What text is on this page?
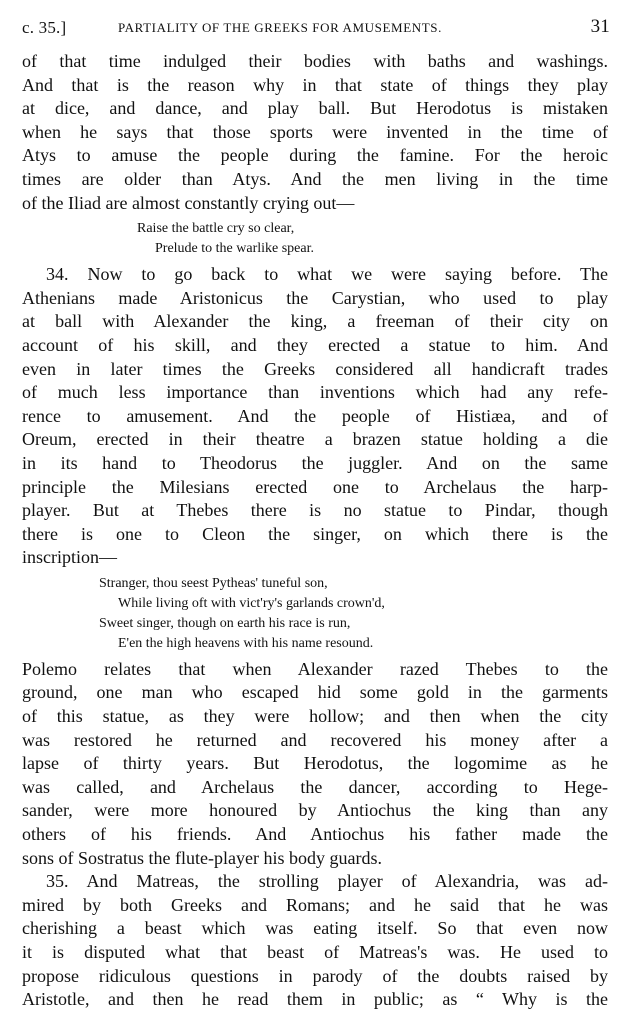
c. 35.]	PARTIALITY OF THE GREEKS FOR AMUSEMENTS.	31
of that time indulged their bodies with baths and washings.
And that is the reason why in that state of things they play
at dice, and dance, and play ball. But Herodotus is mistaken
when he says that those sports were invented in the time of
Atys to amuse the people during the famine. For the heroic
times are older than Atys. And the men living in the time
of the Iliad are almost constantly crying out—
Raise the battle cry so clear,
Prelude to the warlike spear.
34. Now to go back to what we were saying before. The
Athenians made Aristonicus the Carystian, who used to play
at ball with Alexander the king, a freeman of their city on
account of his skill, and they erected a statue to him. And
even in later times the Greeks considered all handicraft trades
of much less importance than inventions which had any refe-
rence to amusement. And the people of Histiæa, and of
Oreum, erected in their theatre a brazen statue holding a die
in its hand to Theodorus the juggler. And on the same
principle the Milesians erected one to Archelaus the harp-
player. But at Thebes there is no statue to Pindar, though
there is one to Cleon the singer, on which there is the
inscription—
Stranger, thou seest Pytheas' tuneful son,
While living oft with vict'ry's garlands crown'd,
Sweet singer, though on earth his race is run,
E'en the high heavens with his name resound.
Polemo relates that when Alexander razed Thebes to the
ground, one man who escaped hid some gold in the garments
of this statue, as they were hollow; and then when the city
was restored he returned and recovered his money after a
lapse of thirty years. But Herodotus, the logomime as he
was called, and Archelaus the dancer, according to Hege-
sander, were more honoured by Antiochus the king than any
others of his friends. And Antiochus his father made the
sons of Sostratus the flute-player his body guards.
35. And Matreas, the strolling player of Alexandria, was ad-
mired by both Greeks and Romans; and he said that he was
cherishing a beast which was eating itself. So that even now
it is disputed what that beast of Matreas's was. He used to
propose ridiculous questions in parody of the doubts raised by
Aristotle, and then he read them in public; as “ Why is the
